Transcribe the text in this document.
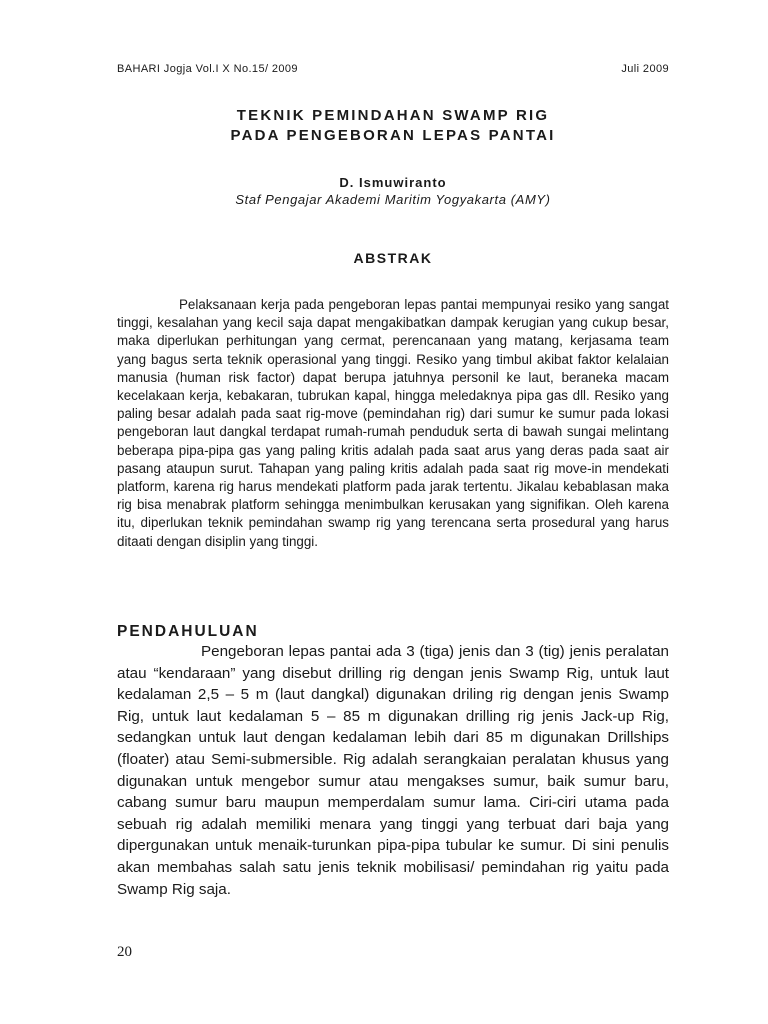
BAHARI Jogja Vol.I X No.15/ 2009	Juli 2009
TEKNIK PEMINDAHAN SWAMP RIG
PADA PENGEBORAN LEPAS PANTAI
D. Ismuwiranto
Staf Pengajar Akademi Maritim Yogyakarta (AMY)
ABSTRAK

Pelaksanaan kerja pada pengeboran lepas pantai mempunyai resiko yang sangat tinggi, kesalahan yang kecil saja dapat mengakibatkan dampak kerugian yang cukup besar, maka diperlukan perhitungan yang cermat, perencanaan yang matang, kerjasama team yang bagus serta teknik operasional yang tinggi. Resiko yang timbul akibat faktor kelalaian manusia (human risk factor) dapat berupa jatuhnya personil ke laut, beraneka macam kecelakaan kerja, kebakaran, tubrukan kapal, hingga meledaknya pipa gas dll. Resiko yang paling besar adalah pada saat rig-move (pemindahan rig) dari sumur ke sumur pada lokasi pengeboran laut dangkal terdapat rumah-rumah penduduk serta di bawah sungai melintang beberapa pipa-pipa gas yang paling kritis adalah pada saat arus yang deras pada saat air pasang ataupun surut. Tahapan yang paling kritis adalah pada saat rig move-in mendekati platform, karena rig harus mendekati platform pada jarak tertentu. Jikalau kebablasan maka rig bisa menabrak platform sehingga menimbulkan kerusakan yang signifikan. Oleh karena itu, diperlukan teknik pemindahan swamp rig yang terencana serta prosedural yang harus ditaati dengan disiplin yang tinggi.

PENDAHULUAN

Pengeboran lepas pantai ada 3 (tiga) jenis dan 3 (tig) jenis peralatan atau “kendaraan” yang disebut drilling rig dengan jenis Swamp Rig, untuk laut kedalaman 2,5 – 5 m (laut dangkal) digunakan driling rig dengan jenis Swamp Rig, untuk laut kedalaman 5 – 85 m digunakan drilling rig jenis Jack-up Rig, sedangkan untuk laut dengan kedalaman lebih dari 85 m digunakan Drillships (floater) atau Semi-submersible. Rig adalah serangkaian peralatan khusus yang digunakan untuk mengebor sumur atau mengakses sumur, baik sumur baru, cabang sumur baru maupun memperdalam sumur lama. Ciri-ciri utama pada sebuah rig adalah memiliki menara yang tinggi yang terbuat dari baja yang dipergunakan untuk menaik-turunkan pipa-pipa tubular ke sumur. Di sini penulis akan membahas salah satu jenis teknik mobilisasi/ pemindahan rig yaitu pada Swamp Rig saja.

20
